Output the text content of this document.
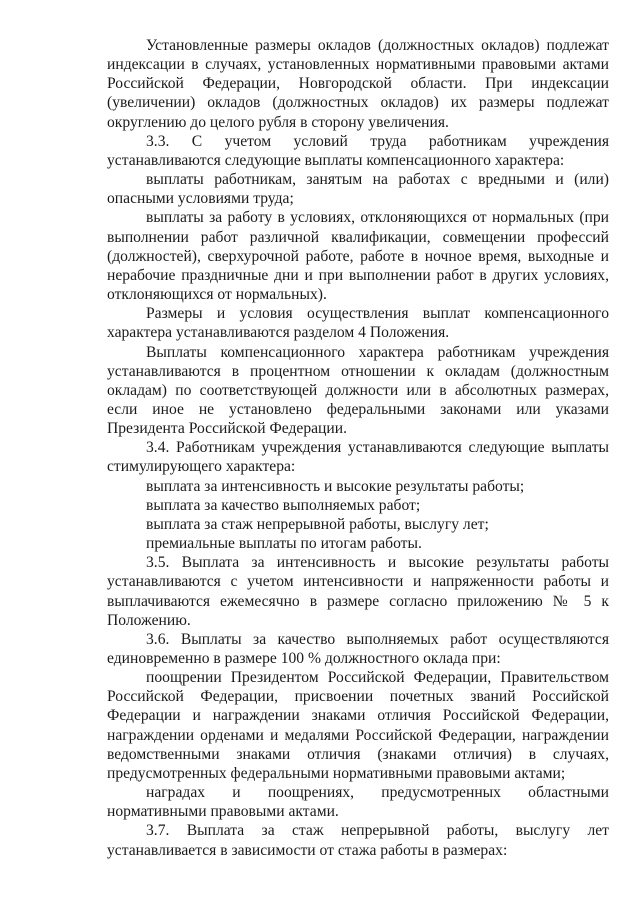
Установленные размеры окладов (должностных окладов) подлежат индексации в случаях, установленных нормативными правовыми актами Российской Федерации, Новгородской области. При индексации (увеличении) окладов (должностных окладов) их размеры подлежат округлению до целого рубля в сторону увеличения.

3.3. С учетом условий труда работникам учреждения устанавливаются следующие выплаты компенсационного характера:

выплаты работникам, занятым на работах с вредными и (или) опасными условиями труда;

выплаты за работу в условиях, отклоняющихся от нормальных (при выполнении работ различной квалификации, совмещении профессий (должностей), сверхурочной работе, работе в ночное время, выходные и нерабочие праздничные дни и при выполнении работ в других условиях, отклоняющихся от нормальных).

Размеры и условия осуществления выплат компенсационного характера устанавливаются разделом 4 Положения.

Выплаты компенсационного характера работникам учреждения устанавливаются в процентном отношении к окладам (должностным окладам) по соответствующей должности или в абсолютных размерах, если иное не установлено федеральными законами или указами Президента Российской Федерации.

3.4. Работникам учреждения устанавливаются следующие выплаты стимулирующего характера:

выплата за интенсивность и высокие результаты работы;

выплата за качество выполняемых работ;

выплата за стаж непрерывной работы, выслугу лет;

премиальные выплаты по итогам работы.

3.5. Выплата за интенсивность и высокие результаты работы устанавливаются с учетом интенсивности и напряженности работы и выплачиваются ежемесячно в размере согласно приложению № 5 к Положению.

3.6. Выплаты за качество выполняемых работ осуществляются единовременно в размере 100 % должностного оклада при:

поощрении Президентом Российской Федерации, Правительством Российской Федерации, присвоении почетных званий Российской Федерации и награждении знаками отличия Российской Федерации, награждении орденами и медалями Российской Федерации, награждении ведомственными знаками отличия (знаками отличия) в случаях, предусмотренных федеральными нормативными правовыми актами;

наградах и поощрениях, предусмотренных областными нормативными правовыми актами.

3.7. Выплата за стаж непрерывной работы, выслугу лет устанавливается в зависимости от стажа работы в размерах:
